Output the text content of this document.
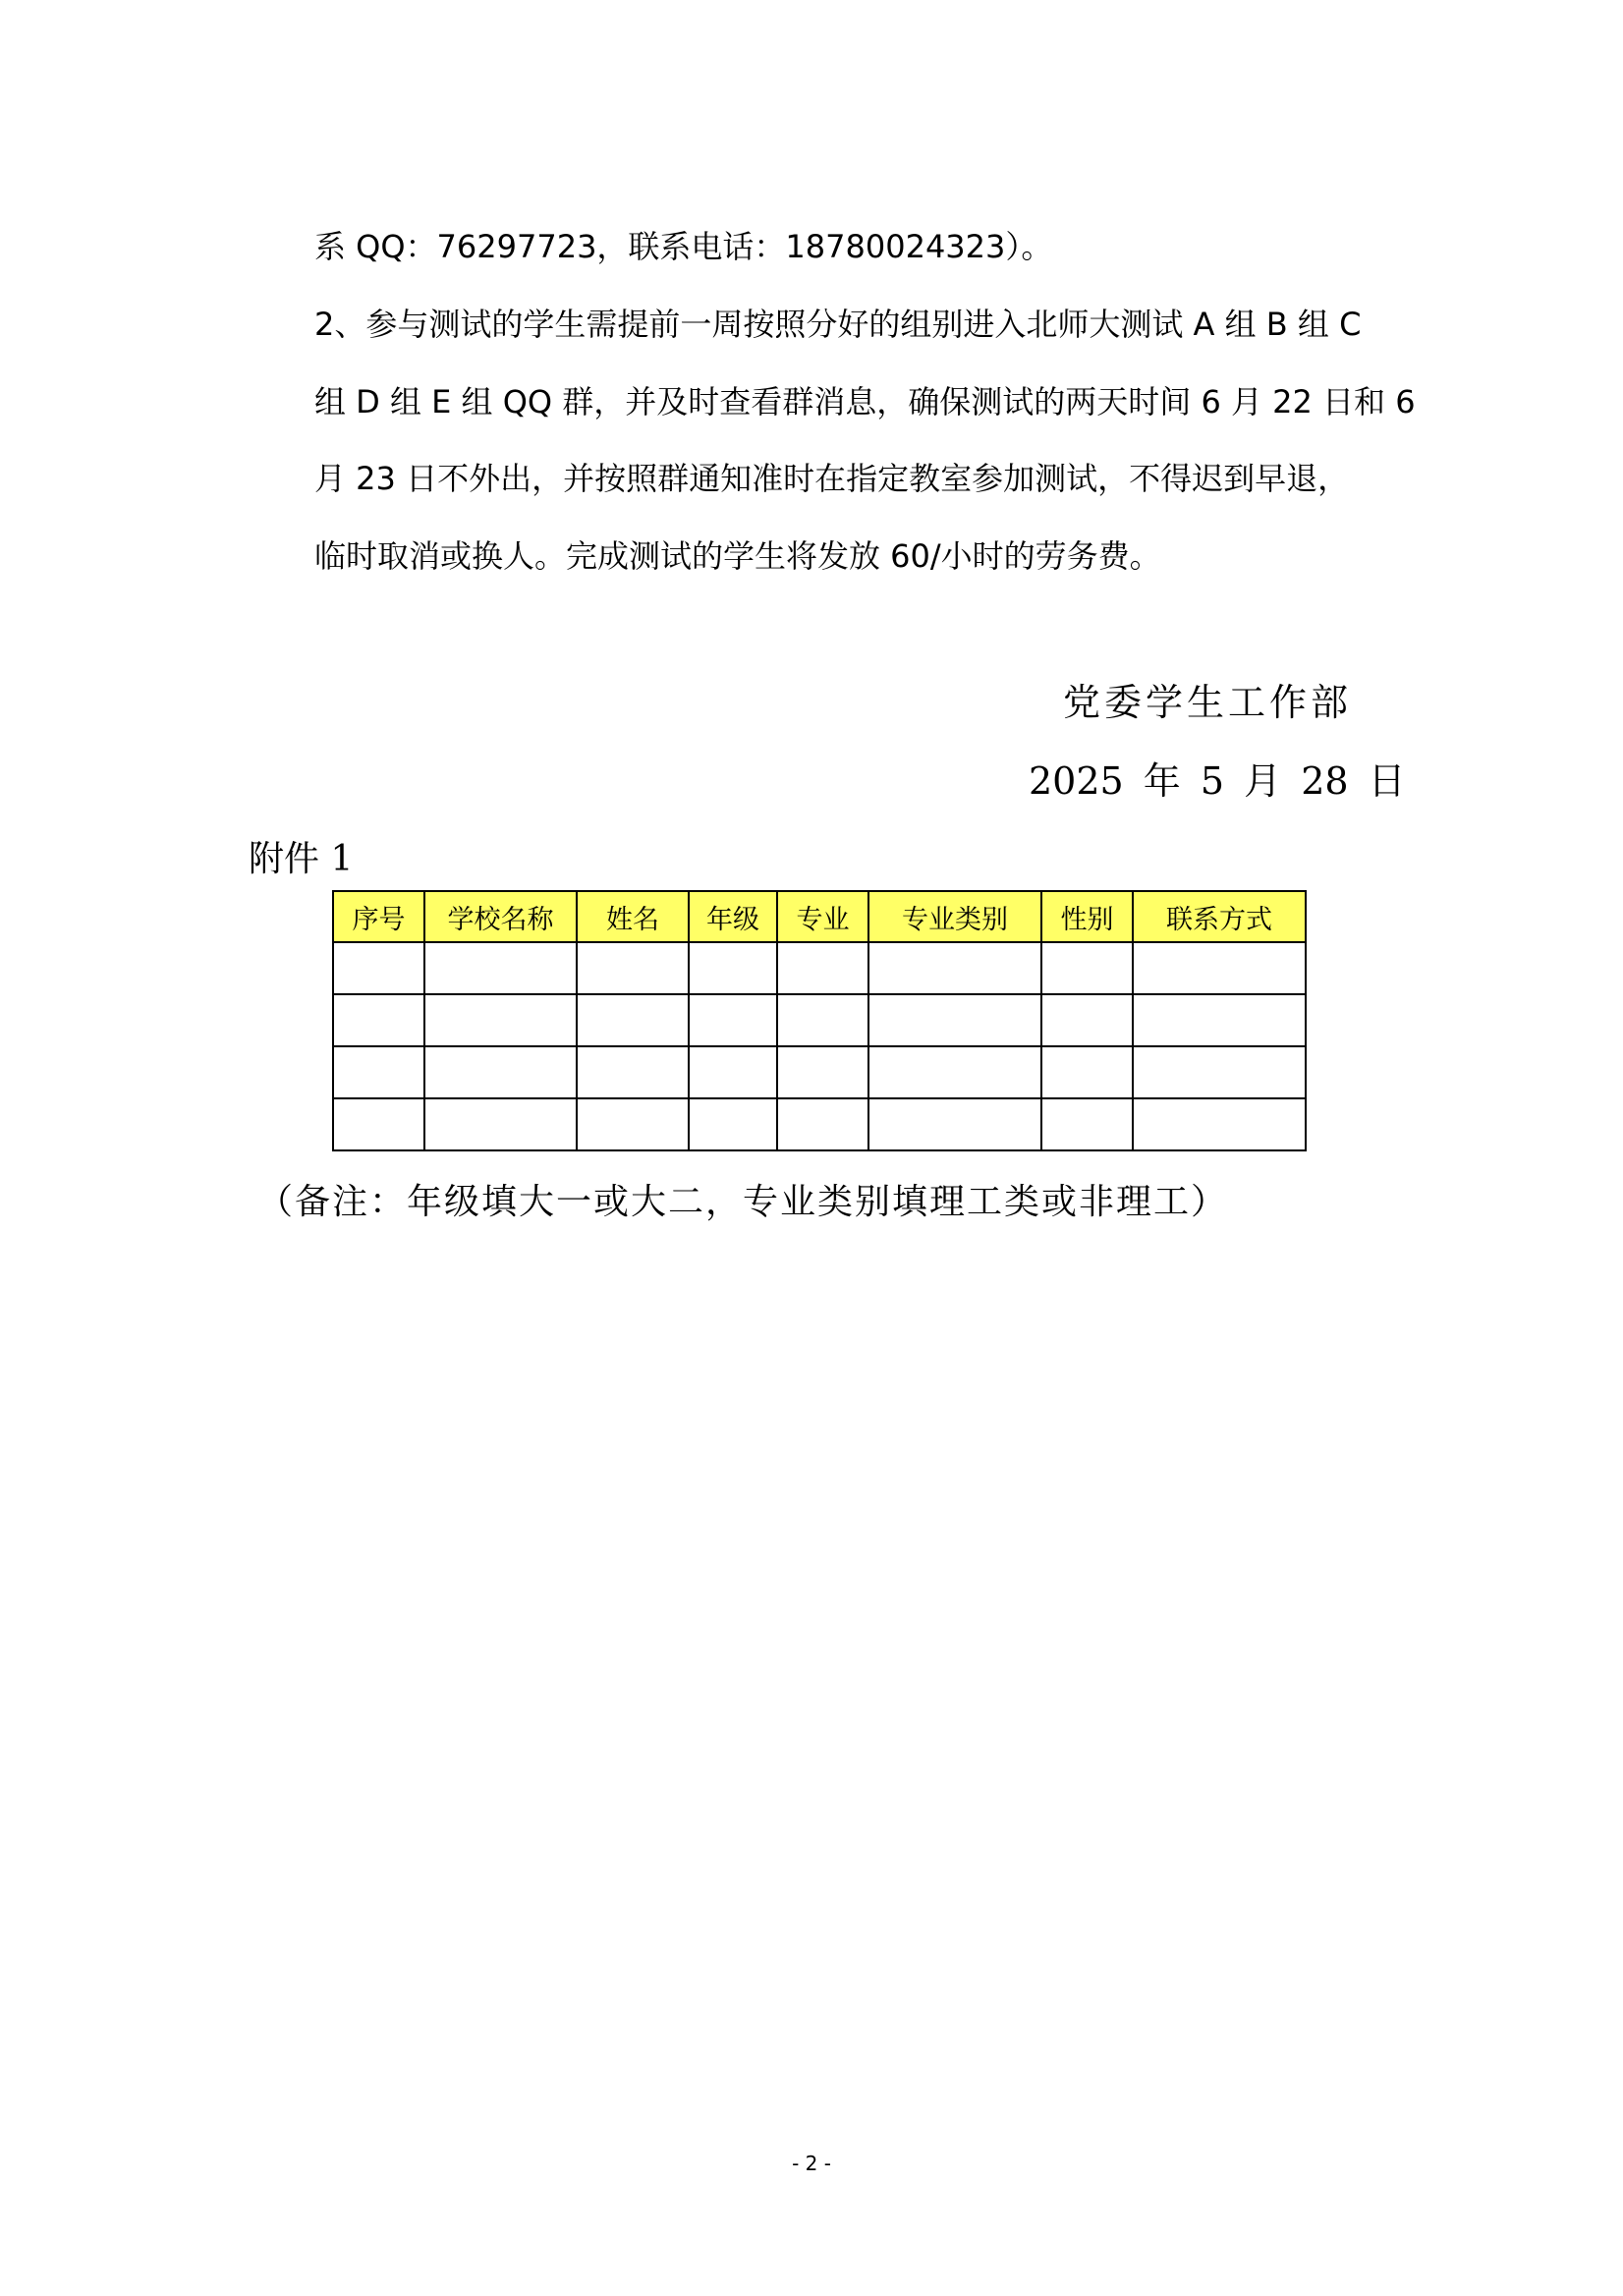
系 QQ：76297723，联系电话：18780024323）。

2、参与测试的学生需提前一周按照分好的组别进入北师大测试 A 组 B 组 C

组 D 组 E 组 QQ 群，并及时查看群消息，确保测试的两天时间 6 月 22 日和 6

月 23 日不外出，并按照群通知准时在指定教室参加测试，不得迟到早退，

临时取消或换人。完成测试的学生将发放 60/小时的劳务费。

党委学生工作部

2025 年 5 月 28 日

附件 1

序号	学校名称	姓名	年级	专业	专业类别	性别	联系方式

（备注：年级填大一或大二，专业类别填理工类或非理工）

- 2 -
